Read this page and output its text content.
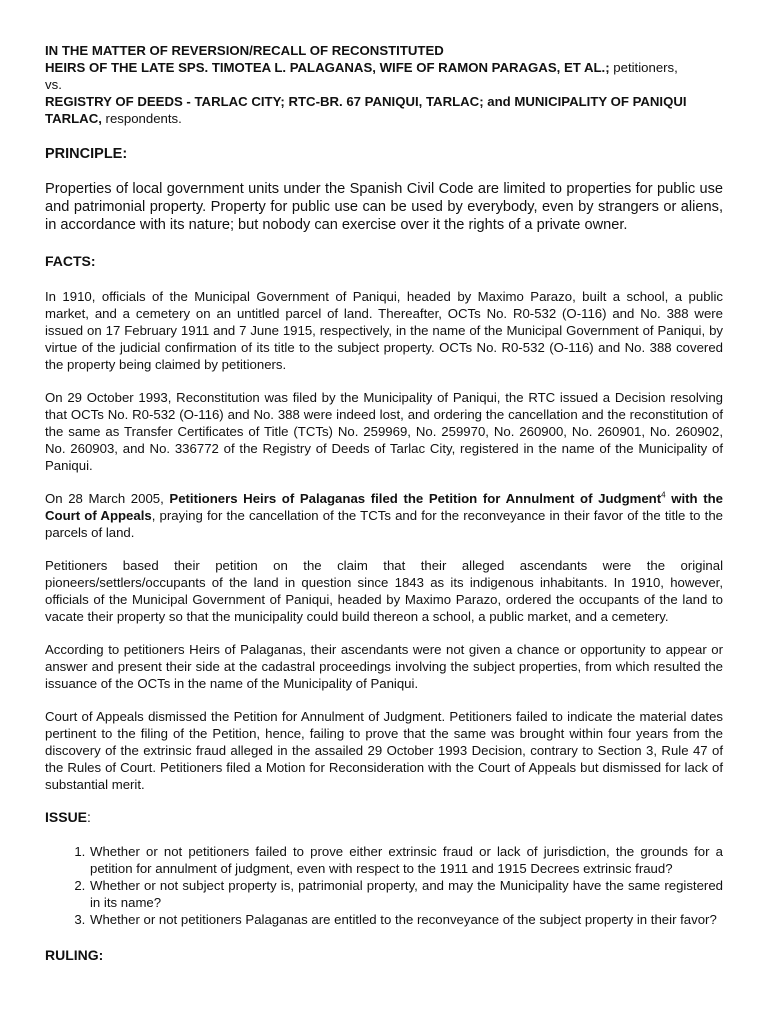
IN THE MATTER OF REVERSION/RECALL OF RECONSTITUTED

HEIRS OF THE LATE SPS. TIMOTEA L. PALAGANAS, WIFE OF RAMON PARAGAS, ET AL.; petitioners,

vs.

REGISTRY OF DEEDS - TARLAC CITY; RTC-BR. 67 PANIQUI, TARLAC; and MUNICIPALITY OF PANIQUI TARLAC, respondents.

PRINCIPLE:

Properties of local government units under the Spanish Civil Code are limited to properties for public use and patrimonial property. Property for public use can be used by everybody, even by strangers or aliens, in accordance with its nature; but nobody can exercise over it the rights of a private owner.

FACTS:

In 1910, officials of the Municipal Government of Paniqui, headed by Maximo Parazo, built a school, a public market, and a cemetery on an untitled parcel of land. Thereafter, OCTs No. R0-532 (O-116) and No. 388 were issued on 17 February 1911 and 7 June 1915, respectively, in the name of the Municipal Government of Paniqui, by virtue of the judicial confirmation of its title to the subject property. OCTs No. R0-532 (O-116) and No. 388 covered the property being claimed by petitioners.

On 29 October 1993, Reconstitution was filed by the Municipality of Paniqui, the RTC issued a Decision resolving that OCTs No. R0-532 (O-116) and No. 388 were indeed lost, and ordering the cancellation and the reconstitution of the same as Transfer Certificates of Title (TCTs) No. 259969, No. 259970, No. 260900, No. 260901, No. 260902, No. 260903, and No. 336772 of the Registry of Deeds of Tarlac City, registered in the name of the Municipality of Paniqui.

On 28 March 2005, Petitioners Heirs of Palaganas filed the Petition for Annulment of Judgment$^4$ with the Court of Appeals, praying for the cancellation of the TCTs and for the reconveyance in their favor of the title to the parcels of land.

Petitioners based their petition on the claim that their alleged ascendants were the original pioneers/settlers/occupants of the land in question since 1843 as its indigenous inhabitants. In 1910, however, officials of the Municipal Government of Paniqui, headed by Maximo Parazo, ordered the occupants of the land to vacate their property so that the municipality could build thereon a school, a public market, and a cemetery.

According to petitioners Heirs of Palaganas, their ascendants were not given a chance or opportunity to appear or answer and present their side at the cadastral proceedings involving the subject properties, from which resulted the issuance of the OCTs in the name of the Municipality of Paniqui.

Court of Appeals dismissed the Petition for Annulment of Judgment. Petitioners failed to indicate the material dates pertinent to the filing of the Petition, hence, failing to prove that the same was brought within four years from the discovery of the extrinsic fraud alleged in the assailed 29 October 1993 Decision, contrary to Section 3, Rule 47 of the Rules of Court. Petitioners filed a Motion for Reconsideration with the Court of Appeals but dismissed for lack of substantial merit.

ISSUE:
1. Whether or not petitioners failed to prove either extrinsic fraud or lack of jurisdiction, the grounds for a petition for annulment of judgment, even with respect to the 1911 and 1915 Decrees extrinsic fraud?
2. Whether or not subject property is, patrimonial property, and may the Municipality have the same registered in its name?
3. Whether or not petitioners Palaganas are entitled to the reconveyance of the subject property in their favor?
RULING:
